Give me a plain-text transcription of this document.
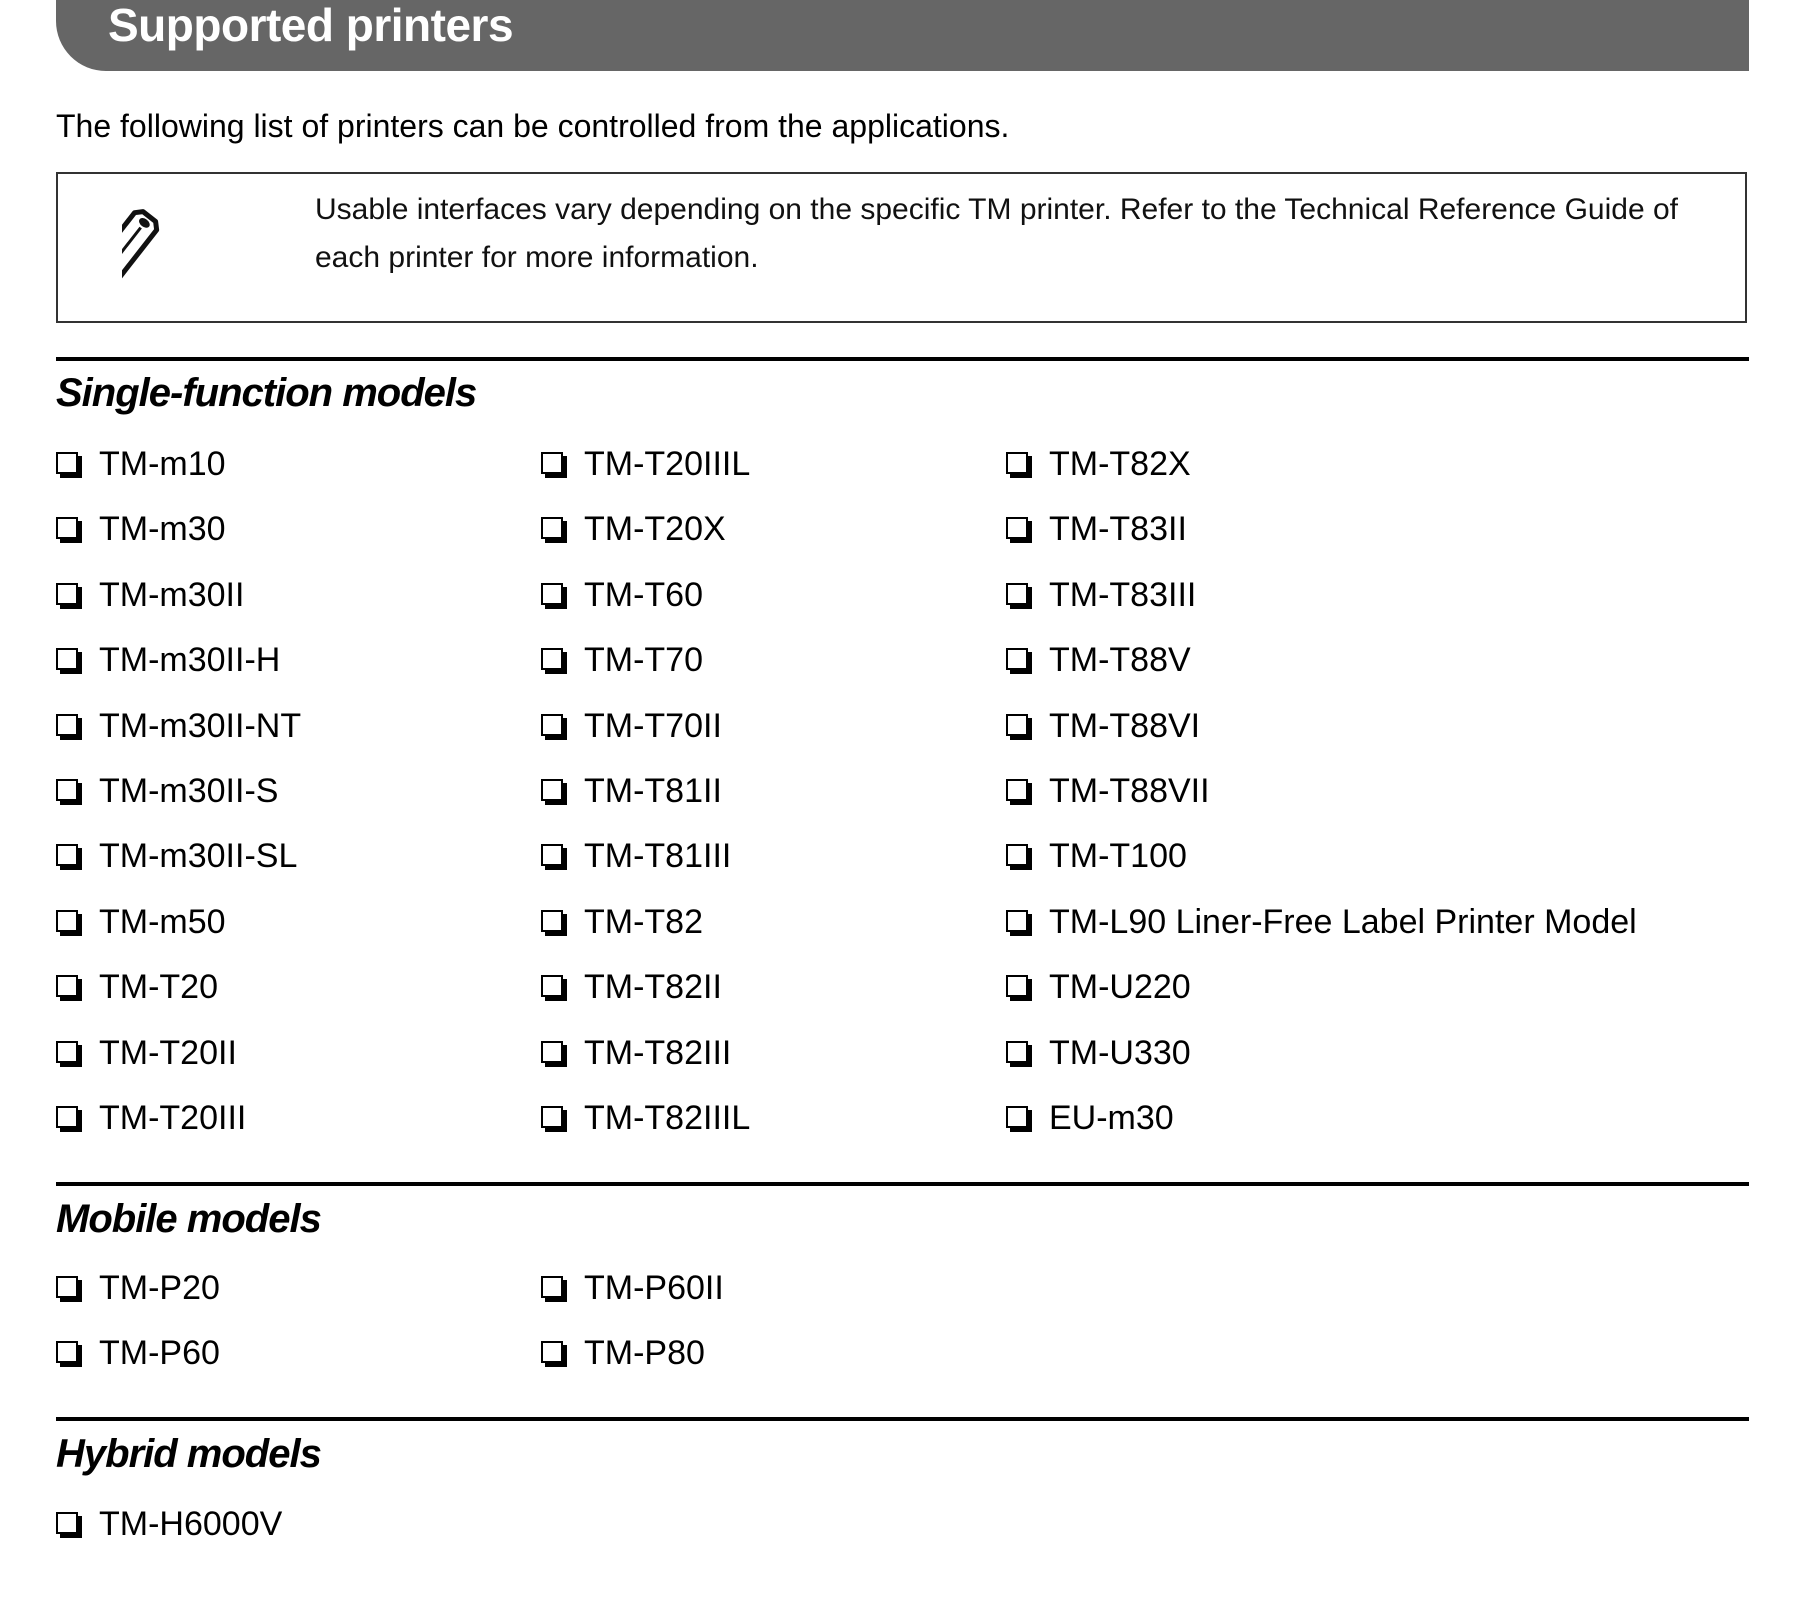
Supported printers
The following list of printers can be controlled from the applications.
Usable interfaces vary depending on the specific TM printer. Refer to the Technical Reference Guide of each printer for more information.
Single-function models
TM-m10
TM-m30
TM-m30II
TM-m30II-H
TM-m30II-NT
TM-m30II-S
TM-m30II-SL
TM-m50
TM-T20
TM-T20II
TM-T20III
TM-T20IIIL
TM-T20X
TM-T60
TM-T70
TM-T70II
TM-T81II
TM-T81III
TM-T82
TM-T82II
TM-T82III
TM-T82IIIL
TM-T82X
TM-T83II
TM-T83III
TM-T88V
TM-T88VI
TM-T88VII
TM-T100
TM-L90 Liner-Free Label Printer Model
TM-U220
TM-U330
EU-m30
Mobile models
TM-P20
TM-P60
TM-P60II
TM-P80
Hybrid models
TM-H6000V
